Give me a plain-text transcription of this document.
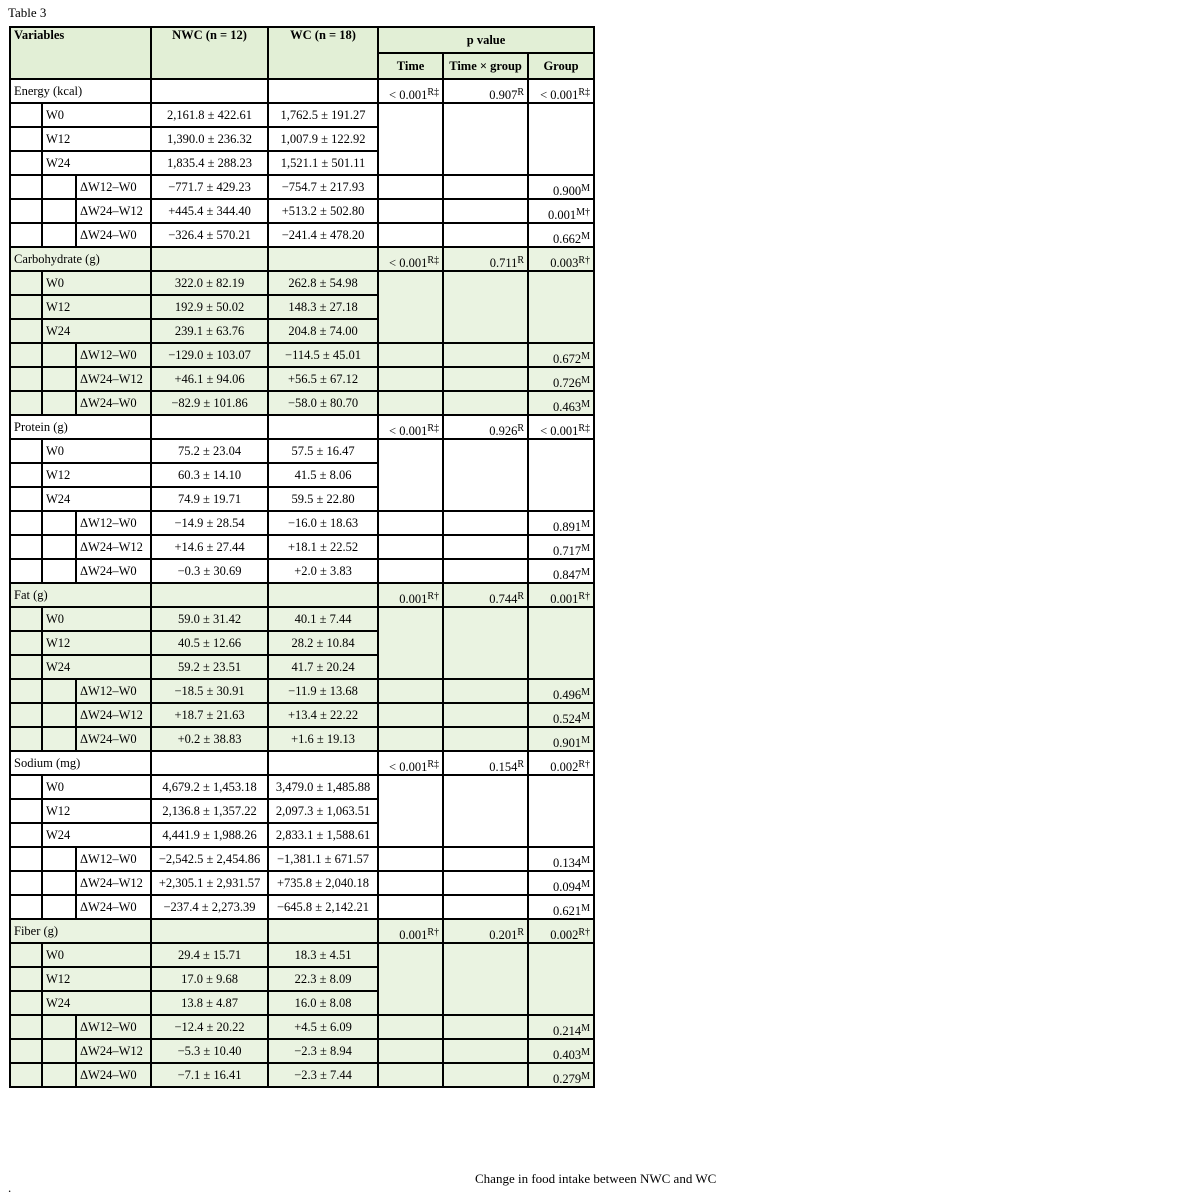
Table 3
Variables			NWC (n = 12)	WC (n = 18)	p value		
					Time	Time × group	Group
Energy (kcal)					< $0.001^{R\ddagger}$	$0.907^R$	< $0.001^{R\ddagger}$
	W0		2,161.8 ± 422.61	1,762.5 ± 191.27			
	W12		1,390.0 ± 236.32	1,007.9 ± 122.92			
	W24		1,835.4 ± 288.23	1,521.1 ± 501.11			
		ΔW12–W0	−771.7 ± 429.23	−754.7 ± 217.93			$0.900^M$
		ΔW24–W12	+445.4 ± 344.40	+513.2 ± 502.80			$0.001^{M\dagger}$
		ΔW24–W0	−326.4 ± 570.21	−241.4 ± 478.20			$0.662^M$
Carbohydrate (g)					< $0.001^{R\ddagger}$	$0.711^R$	$0.003^{R\dagger}$
	W0		322.0 ± 82.19	262.8 ± 54.98			
	W12		192.9 ± 50.02	148.3 ± 27.18			
	W24		239.1 ± 63.76	204.8 ± 74.00			
		ΔW12–W0	−129.0 ± 103.07	−114.5 ± 45.01			$0.672^M$
		ΔW24–W12	+46.1 ± 94.06	+56.5 ± 67.12			$0.726^M$
		ΔW24–W0	−82.9 ± 101.86	−58.0 ± 80.70			$0.463^M$
Protein (g)					< $0.001^{R\ddagger}$	$0.926^R$	< $0.001^{R\ddagger}$
	W0		75.2 ± 23.04	57.5 ± 16.47			
	W12		60.3 ± 14.10	41.5 ± 8.06			
	W24		74.9 ± 19.71	59.5 ± 22.80			
		ΔW12–W0	−14.9 ± 28.54	−16.0 ± 18.63			$0.891^M$
		ΔW24–W12	+14.6 ± 27.44	+18.1 ± 22.52			$0.717^M$
		ΔW24–W0	−0.3 ± 30.69	+2.0 ± 3.83			$0.847^M$
Fat (g)					$0.001^{R\dagger}$	$0.744^R$	$0.001^{R\dagger}$
	W0		59.0 ± 31.42	40.1 ± 7.44			
	W12		40.5 ± 12.66	28.2 ± 10.84			
	W24		59.2 ± 23.51	41.7 ± 20.24			
		ΔW12–W0	−18.5 ± 30.91	−11.9 ± 13.68			$0.496^M$
		ΔW24–W12	+18.7 ± 21.63	+13.4 ± 22.22			$0.524^M$
		ΔW24–W0	+0.2 ± 38.83	+1.6 ± 19.13			$0.901^M$
Sodium (mg)					< $0.001^{R\ddagger}$	$0.154^R$	$0.002^{R\dagger}$
	W0		4,679.2 ± 1,453.18	3,479.0 ± 1,485.88			
	W12		2,136.8 ± 1,357.22	2,097.3 ± 1,063.51			
	W24		4,441.9 ± 1,988.26	2,833.1 ± 1,588.61			
		ΔW12–W0	−2,542.5 ± 2,454.86	−1,381.1 ± 671.57			$0.134^M$
		ΔW24–W12	+2,305.1 ± 2,931.57	+735.8 ± 2,040.18			$0.094^M$
		ΔW24–W0	−237.4 ± 2,273.39	−645.8 ± 2,142.21			$0.621^M$
Fiber (g)					$0.001^{R\dagger}$	$0.201^R$	$0.002^{R\dagger}$
	W0		29.4 ± 15.71	18.3 ± 4.51			
	W12		17.0 ± 9.68	22.3 ± 8.09			
	W24		13.8 ± 4.87	16.0 ± 8.08			
		ΔW12–W0	−12.4 ± 20.22	+4.5 ± 6.09			$0.214^M$
		ΔW24–W12	−5.3 ± 10.40	−2.3 ± 8.94			$0.403^M$
		ΔW24–W0	−7.1 ± 16.41	−2.3 ± 7.44			$0.279^M$
Change in food intake between NWC and WC
.
